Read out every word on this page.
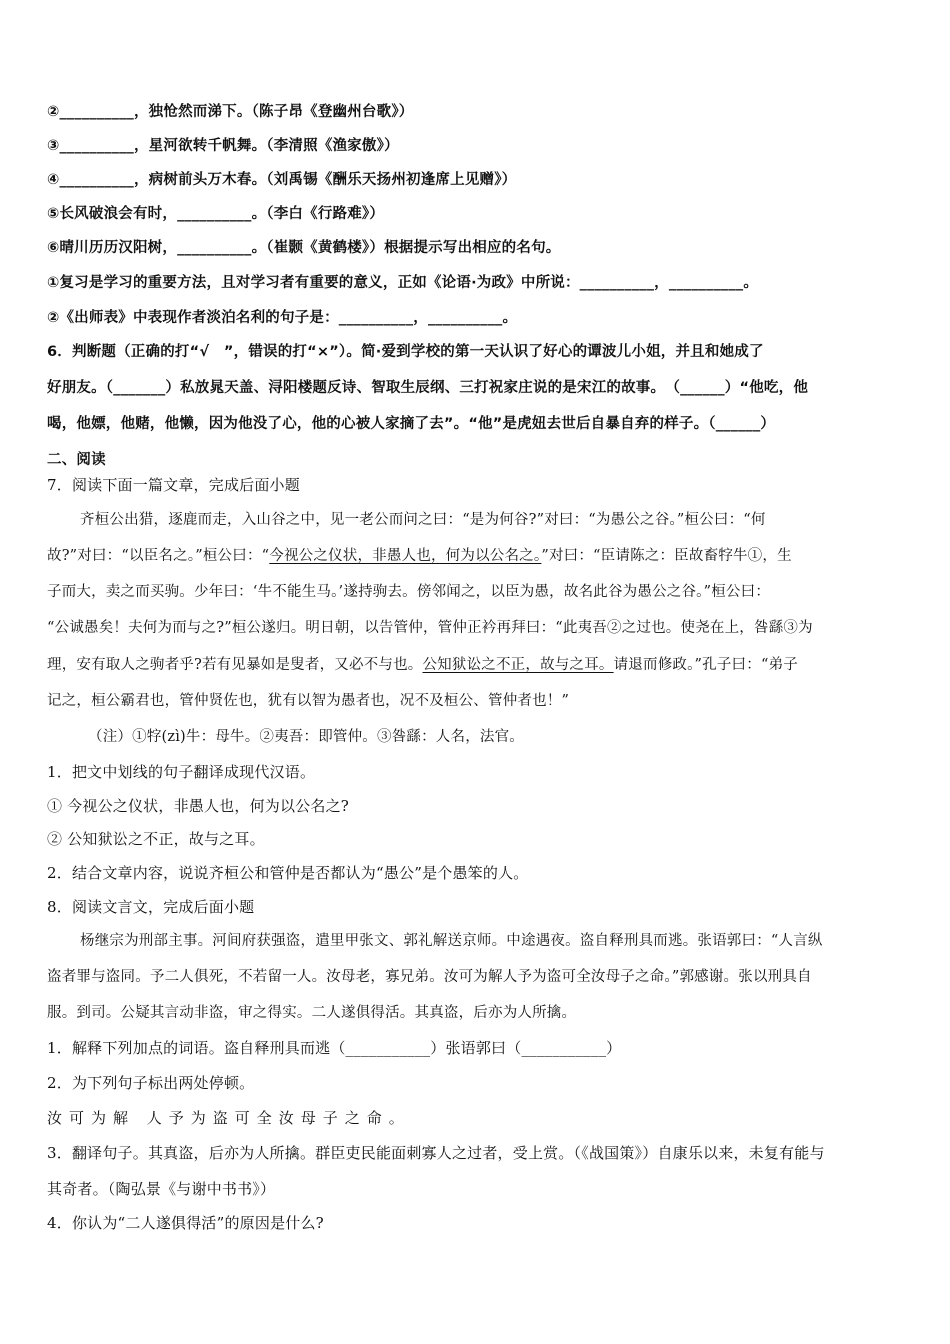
②__________，独怆然而涕下。（陈子昂《登幽州台歌》）
③__________，星河欲转千帆舞。（李清照《渔家傲》）
④__________，病树前头万木春。（刘禹锡《酬乐天扬州初逢席上见赠》）
⑤长风破浪会有时，__________。（李白《行路难》）
⑥晴川历历汉阳树，__________。（崔颢《黄鹤楼》）根据提示写出相应的名句。
①复习是学习的重要方法，且对学习者有重要的意义，正如《论语·为政》中所说：__________，__________。
②《出师表》中表现作者淡泊名利的句子是：__________，__________。
6．判断题（正确的打“√　”，错误的打“×”）。简·爱到学校的第一天认识了好心的谭波儿小姐，并且和她成了
好朋友。（_______）私放晁天盖、浔阳楼题反诗、智取生辰纲、三打祝家庄说的是宋江的故事。　（______）“他吃，他
喝，他嫖，他赌，他懒，因为他没了心，他的心被人家摘了去”。“他”是虎妞去世后自暴自弃的样子。（______）
二、阅读
7．阅读下面一篇文章，完成后面小题
齐桓公出猎，逐鹿而走，入山谷之中，见一老公而问之曰：“是为何谷?”对曰：“为愚公之谷。”桓公曰：“何
故?”对曰：“以臣名之。”桓公曰：“今视公之仪状，非愚人也，何为以公名之。”对曰：“臣请陈之：臣故畜牸牛①，生
子而大，卖之而买驹。少年曰：‘牛不能生马。’遂持驹去。傍邻闻之，以臣为愚，故名此谷为愚公之谷。”桓公曰：
“公诚愚矣！夫何为而与之?”桓公遂归。明日朝，以告管仲，管仲正衿再拜曰：“此夷吾②之过也。使尧在上，咎繇③为
理，安有取人之驹者乎?若有见暴如是叟者，又必不与也。公知狱讼之不正，故与之耳。请退而修政。”孔子曰：“弟子
记之，桓公霸君也，管仲贤佐也，犹有以智为愚者也，况不及桓公、管仲者也！”
（注）①牸(zì)牛：母牛。②夷吾：即管仲。③咎繇：人名，法官。
1．把文中划线的句子翻译成现代汉语。
① 今视公之仪状，非愚人也，何为以公名之?
② 公知狱讼之不正，故与之耳。
2．结合文章内容，说说齐桓公和管仲是否都认为“愚公”是个愚笨的人。
8．阅读文言文，完成后面小题
杨继宗为刑部主事。河间府获强盗，遣里甲张文、郭礼解送京师。中途遇夜。盗自释刑具而逃。张语郭曰：“人言纵
盗者罪与盗同。予二人俱死，不若留一人。汝母老，寡兄弟。汝可为解人予为盗可全汝母子之命。”郭感谢。张以刑具自
服。到司。公疑其言动非盗，审之得实。二人遂俱得活。其真盗，后亦为人所擒。
1．解释下列加点的词语。盗自释刑具而逃（___________）张语郭曰（___________）
2．为下列句子标出两处停顿。
汝可为解 人予为盗可全汝母子之命。
3．翻译句子。其真盗，后亦为人所擒。群臣吏民能面刺寡人之过者，受上赏。（《战国策》）自康乐以来，未复有能与
其奇者。（陶弘景《与谢中书书》）
4．你认为“二人遂俱得活”的原因是什么?
